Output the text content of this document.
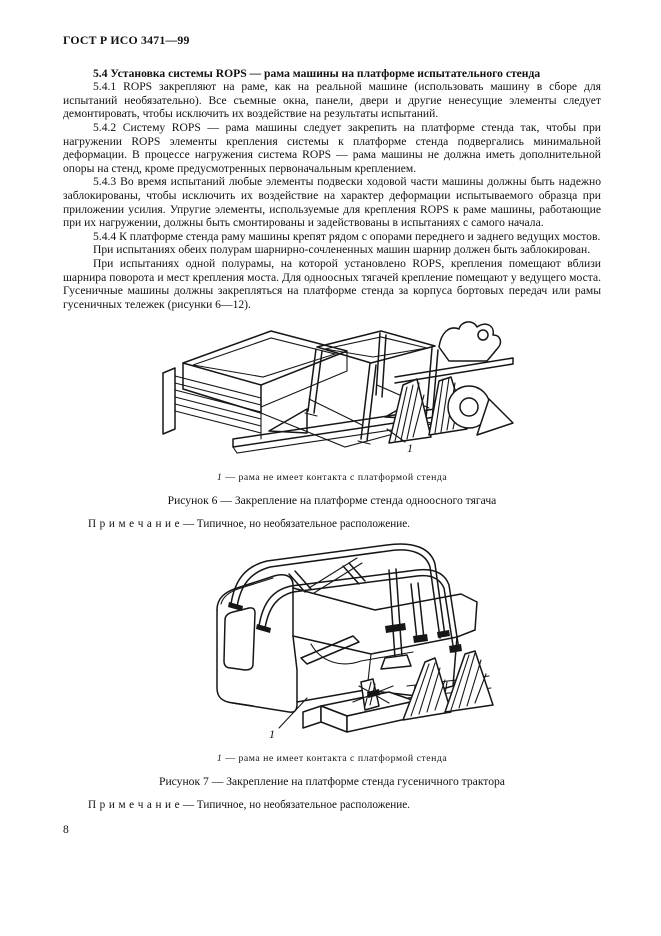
ГОСТ Р ИСО 3471—99

5.4 Установка системы ROPS — рама машины на платформе испытательного стенда

5.4.1 ROPS закрепляют на раме, как на реальной машине (использовать машину в сборе для испытаний необязательно). Все съемные окна, панели, двери и другие ненесущие элементы следует демонтировать, чтобы исключить их воздействие на результаты испытаний.

5.4.2 Систему ROPS — рама машины следует закрепить на платформе стенда так, чтобы при нагружении ROPS элементы крепления системы к платформе стенда подвергались минимальной деформации. В процессе нагружения система ROPS — рама машины не должна иметь дополнительной опоры на стенд, кроме предусмотренных первоначальным креплением.

5.4.3 Во время испытаний любые элементы подвески ходовой части машины должны быть надежно заблокированы, чтобы исключить их воздействие на характер деформации испытываемого образца при приложении усилия. Упругие элементы, используемые для крепления ROPS к раме машины, работающие при их нагружении, должны быть смонтированы и задействованы в испытаниях с самого начала.

5.4.4 К платформе стенда раму машины крепят рядом с опорами переднего и заднего ведущих мостов.

При испытаниях обеих полурам шарнирно-сочлененных машин шарнир должен быть заблокирован.

При испытаниях одной полурамы, на которой установлено ROPS, крепления помещают вблизи шарнира поворота и мест крепления моста. Для одноосных тягачей крепление помещают у ведущего моста. Гусеничные машины должны закрепляться на платформе стенда за корпуса бортовых передач или рамы гусеничных тележек (рисунки 6—12).

1
1 — рама не имеет контакта с платформой стенда
Рисунок 6 — Закрепление на платформе стенда одноосного тягача
П р и м е ч а н и е — Типичное, но необязательное расположение.
1
1 — рама не имеет контакта с платформой стенда
Рисунок 7 — Закрепление на платформе стенда гусеничного трактора
П р и м е ч а н и е — Типичное, но необязательное расположение.
8
